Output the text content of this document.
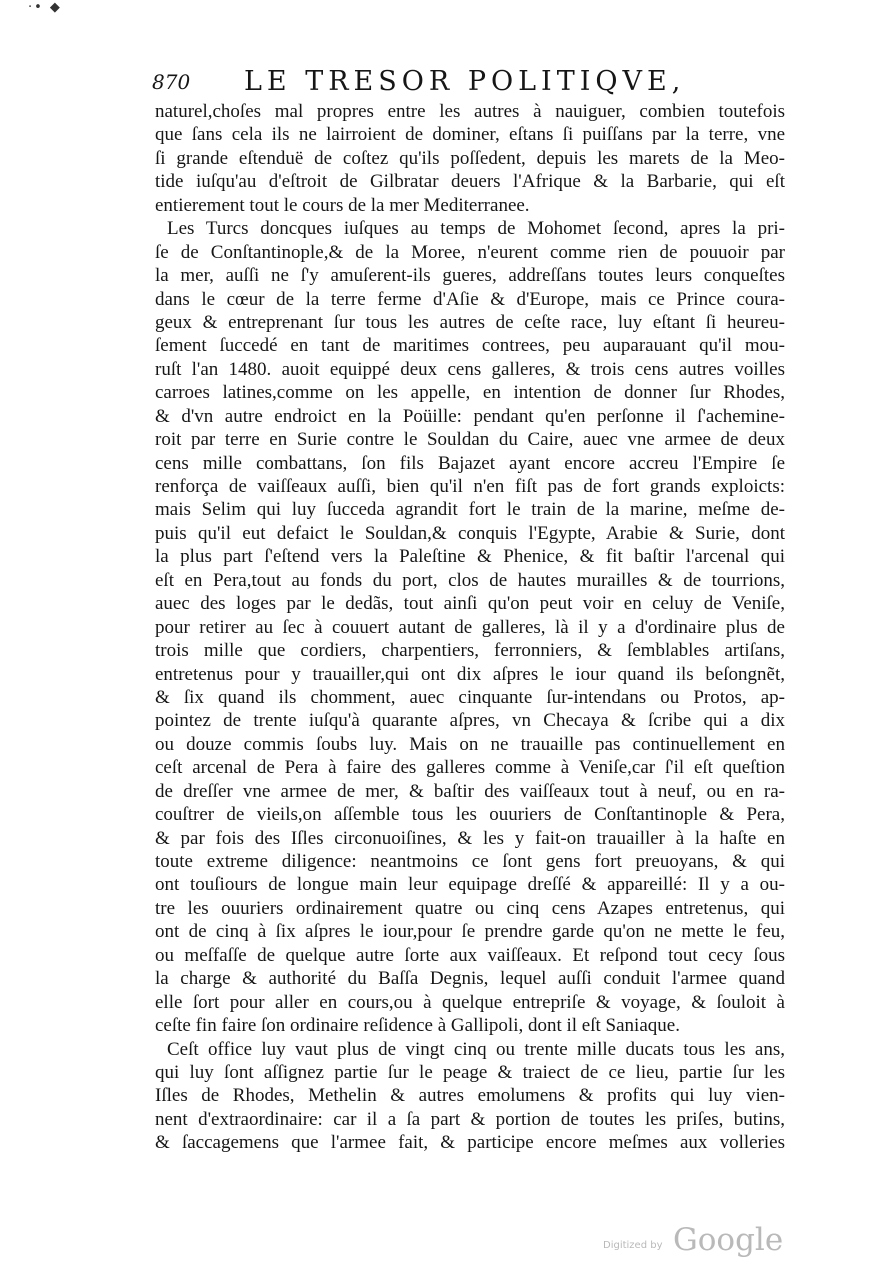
·• ◆
870 LE TRESOR POLITIQVE,
naturel,choſes mal propres entre les autres à nauiguer, combien toutefois
que ſans cela ils ne lairroient de dominer, eſtans ſi puiſſans par la terre, vne
ſi grande eſtenduë de coſtez qu'ils poſſedent, depuis les marets de la Meo-
tide iuſqu'au d'eſtroit de Gilbratar deuers l'Afrique & la Barbarie, qui eſt
entierement tout le cours de la mer Mediterranee.
Les Turcs doncques iuſques au temps de Mohomet ſecond, apres la pri-
ſe de Conſtantinople,& de la Moree, n'eurent comme rien de pouuoir par
la mer, auſſi ne ſ'y amuſerent-ils gueres, addreſſans toutes leurs conqueſtes
dans le cœur de la terre ferme d'Aſie & d'Europe, mais ce Prince coura-
geux & entreprenant ſur tous les autres de ceſte race, luy eſtant ſi heureu-
ſement ſuccedé en tant de maritimes contrees, peu auparauant qu'il mou-
ruſt l'an 1480. auoit equippé deux cens galleres, & trois cens autres voilles
carroes latines,comme on les appelle, en intention de donner ſur Rhodes,
& d'vn autre endroict en la Poüille: pendant qu'en perſonne il ſ'achemine-
roit par terre en Surie contre le Souldan du Caire, auec vne armee de deux
cens mille combattans, ſon fils Bajazet ayant encore accreu l'Empire ſe
renforça de vaiſſeaux auſſi, bien qu'il n'en fiſt pas de fort grands exploicts:
mais Selim qui luy ſucceda agrandit fort le train de la marine, meſme de-
puis qu'il eut defaict le Souldan,& conquis l'Egypte, Arabie & Surie, dont
la plus part ſ'eſtend vers la Paleſtine & Phenice, & fit baſtir l'arcenal qui
eſt en Pera,tout au fonds du port, clos de hautes murailles & de tourrions,
auec des loges par le dedãs, tout ainſi qu'on peut voir en celuy de Veniſe,
pour retirer au ſec à couuert autant de galleres, là il y a d'ordinaire plus de
trois mille que cordiers, charpentiers, ferronniers, & ſemblables artiſans,
entretenus pour y trauailler,qui ont dix aſpres le iour quand ils beſongnẽt,
& ſix quand ils chomment, auec cinquante ſur-intendans ou Protos, ap-
pointez de trente iuſqu'à quarante aſpres, vn Checaya & ſcribe qui a dix
ou douze commis ſoubs luy. Mais on ne trauaille pas continuellement en
ceſt arcenal de Pera à faire des galleres comme à Veniſe,car ſ'il eſt queſtion
de dreſſer vne armee de mer, & baſtir des vaiſſeaux tout à neuf, ou en ra-
couſtrer de vieils,on aſſemble tous les ouuriers de Conſtantinople & Pera,
& par fois des Iſles circonuoiſines, & les y fait-on trauailler à la haſte en
toute extreme diligence: neantmoins ce ſont gens fort preuoyans, & qui
ont touſiours de longue main leur equipage dreſſé & appareillé: Il y a ou-
tre les ouuriers ordinairement quatre ou cinq cens Azapes entretenus, qui
ont de cinq à ſix aſpres le iour,pour ſe prendre garde qu'on ne mette le feu,
ou meſfaſſe de quelque autre ſorte aux vaiſſeaux. Et reſpond tout cecy ſous
la charge & authorité du Baſſa Degnis, lequel auſſi conduit l'armee quand
elle ſort pour aller en cours,ou à quelque entrepriſe & voyage, & ſouloit à
ceſte fin faire ſon ordinaire reſidence à Gallipoli, dont il eſt Saniaque.
Ceſt office luy vaut plus de vingt cinq ou trente mille ducats tous les ans,
qui luy ſont aſſignez partie ſur le peage & traiect de ce lieu, partie ſur les
Iſles de Rhodes, Methelin & autres emolumens & profits qui luy vien-
nent d'extraordinaire: car il a ſa part & portion de toutes les priſes, butins,
& ſaccagemens que l'armee fait, & participe encore meſmes aux volleries
Digitized by Google
